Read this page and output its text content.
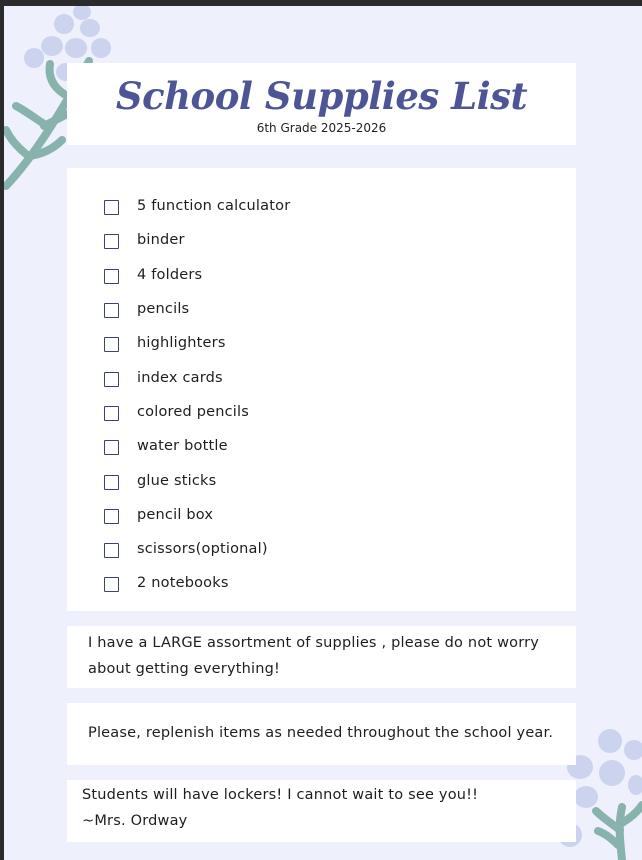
School Supplies List
6th Grade 2025-2026
5 function calculator
binder
4 folders
pencils
highlighters
index cards
colored pencils
water bottle
glue sticks
pencil box
scissors(optional)
2 notebooks
I have a LARGE assortment of supplies , please do not worry about getting everything!
Please, replenish items as needed throughout the school year.
Students will have lockers! I cannot wait to see you!!
~Mrs. Ordway
